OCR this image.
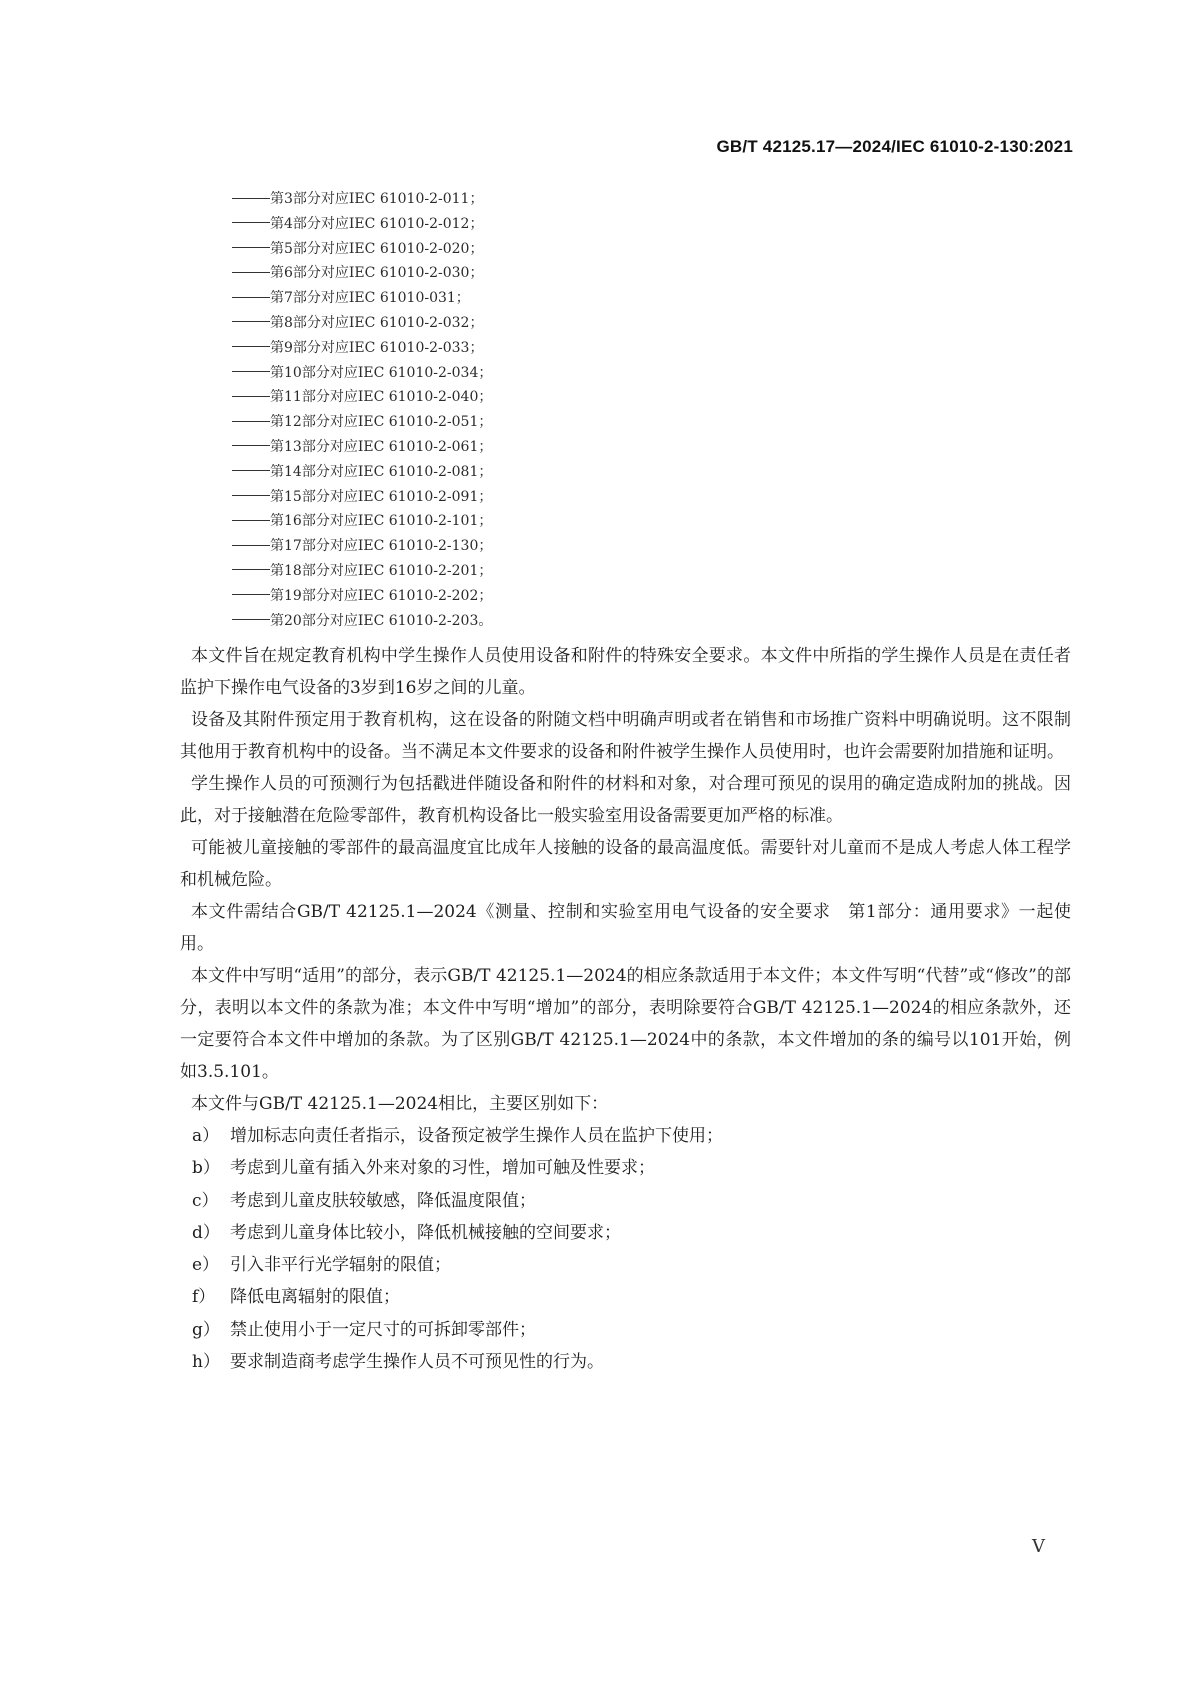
GB/T 42125.17—2024/IEC 61010-2-130:2021
第3部分对应IEC 61010-2-011；
第4部分对应IEC 61010-2-012；
第5部分对应IEC 61010-2-020；
第6部分对应IEC 61010-2-030；
第7部分对应IEC 61010-031；
第8部分对应IEC 61010-2-032；
第9部分对应IEC 61010-2-033；
第10部分对应IEC 61010-2-034；
第11部分对应IEC 61010-2-040；
第12部分对应IEC 61010-2-051；
第13部分对应IEC 61010-2-061；
第14部分对应IEC 61010-2-081；
第15部分对应IEC 61010-2-091；
第16部分对应IEC 61010-2-101；
第17部分对应IEC 61010-2-130；
第18部分对应IEC 61010-2-201；
第19部分对应IEC 61010-2-202；
第20部分对应IEC 61010-2-203。

本文件旨在规定教育机构中学生操作人员使用设备和附件的特殊安全要求。本文件中所指的学生操作人员是在责任者监护下操作电气设备的3岁到16岁之间的儿童。

设备及其附件预定用于教育机构，这在设备的附随文档中明确声明或者在销售和市场推广资料中明确说明。这不限制其他用于教育机构中的设备。当不满足本文件要求的设备和附件被学生操作人员使用时，也许会需要附加措施和证明。

学生操作人员的可预测行为包括戳进伴随设备和附件的材料和对象，对合理可预见的误用的确定造成附加的挑战。因此，对于接触潜在危险零部件，教育机构设备比一般实验室用设备需要更加严格的标准。

可能被儿童接触的零部件的最高温度宜比成年人接触的设备的最高温度低。需要针对儿童而不是成人考虑人体工程学和机械危险。

本文件需结合GB/T 42125.1—2024《测量、控制和实验室用电气设备的安全要求　第1部分：通用要求》一起使用。

本文件中写明“适用”的部分，表示GB/T 42125.1—2024的相应条款适用于本文件；本文件写明“代替”或“修改”的部分，表明以本文件的条款为准；本文件中写明“增加”的部分，表明除要符合GB/T 42125.1—2024的相应条款外，还一定要符合本文件中增加的条款。为了区别GB/T 42125.1—2024中的条款，本文件增加的条的编号以101开始，例如3.5.101。

本文件与GB/T 42125.1—2024相比，主要区别如下：

a） 增加标志向责任者指示，设备预定被学生操作人员在监护下使用；
b） 考虑到儿童有插入外来对象的习性，增加可触及性要求；
c） 考虑到儿童皮肤较敏感，降低温度限值；
d） 考虑到儿童身体比较小，降低机械接触的空间要求；
e） 引入非平行光学辐射的限值；
f） 降低电离辐射的限值；
g） 禁止使用小于一定尺寸的可拆卸零部件；
h） 要求制造商考虑学生操作人员不可预见性的行为。
V
